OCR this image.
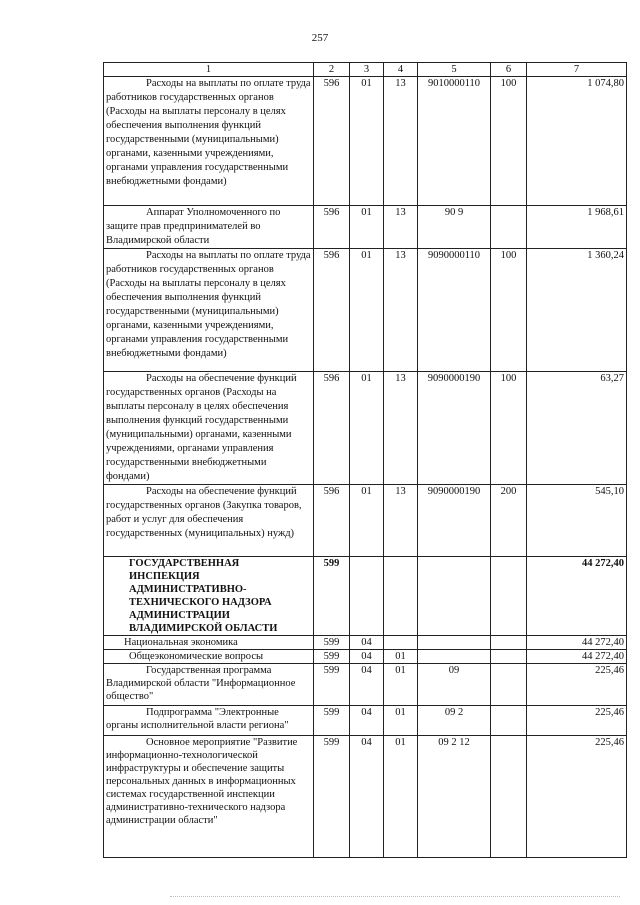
257
1	2	3	4	5	6	7
Расходы на выплаты по оплате труда работников государственных органов (Расходы на выплаты персоналу в целях обеспечения выполнения функций государственными (муниципальными) органами, казенными учреждениями, органами управления государственными внебюджетными фондами)	596	01	13	9010000110	100	1 074,80
Аппарат Уполномоченного по защите прав предпринимателей во Владимирской области	596	01	13	90 9		1 968,61
Расходы на выплаты по оплате труда работников государственных органов (Расходы на выплаты персоналу в целях обеспечения выполнения функций государственными (муниципальными) органами, казенными учреждениями, органами управления государственными внебюджетными фондами)	596	01	13	9090000110	100	1 360,24
Расходы на обеспечение функций государственных органов (Расходы на выплаты персоналу в целях обеспечения выполнения функций государственными (муниципальными) органами, казенными учреждениями, органами управления государственными внебюджетными фондами)	596	01	13	9090000190	100	63,27
Расходы на обеспечение функций государственных органов (Закупка товаров, работ и услуг для обеспечения государственных (муниципальных) нужд)	596	01	13	9090000190	200	545,10
ГОСУДАРСТВЕННАЯ ИНСПЕКЦИЯ АДМИНИСТРАТИВНО-ТЕХНИЧЕСКОГО НАДЗОРА АДМИНИСТРАЦИИ ВЛАДИМИРСКОЙ ОБЛАСТИ	599					44 272,40
Национальная экономика	599	04				44 272,40
Общеэкономические вопросы	599	04	01			44 272,40
Государственная программа Владимирской области "Информационное общество"	599	04	01	09		225,46
Подпрограмма "Электронные органы исполнительной власти региона"	599	04	01	09 2		225,46
Основное мероприятие "Развитие информационно-технологической инфраструктуры и обеспечение защиты персональных данных в информационных системах государственной инспекции административно-технического надзора администрации области"	599	04	01	09 2 12		225,46
